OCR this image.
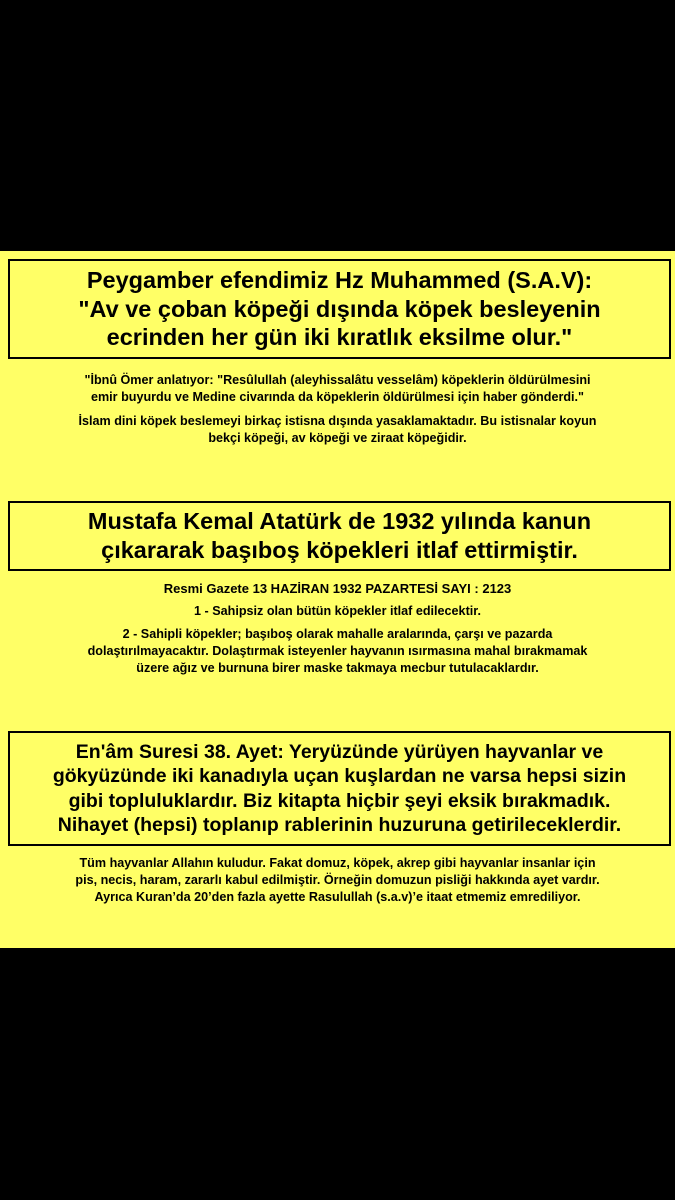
Peygamber efendimiz Hz Muhammed (S.A.V):
"Av ve çoban köpeği dışında köpek besleyenin
ecrinden her gün iki kıratlık eksilme olur."
"İbnû Ömer anlatıyor: "Resûlullah (aleyhissalâtu vesselâm) köpeklerin öldürülmesini
emir buyurdu ve Medine civarında da köpeklerin öldürülmesi için haber gönderdi."
İslam dini köpek beslemeyi birkaç istisna dışında yasaklamaktadır. Bu istisnalar koyun
bekçi köpeği, av köpeği ve ziraat köpeğidir.
Mustafa Kemal Atatürk de 1932 yılında kanun
çıkararak başıboş köpekleri itlaf ettirmiştir.
Resmi Gazete 13 HAZİRAN 1932 PAZARTESİ SAYI : 2123
1 - Sahipsiz olan bütün köpekler itlaf edilecektir.
2 - Sahipli köpekler; başıboş olarak mahalle aralarında, çarşı ve pazarda
dolaştırılmayacaktır. Dolaştırmak isteyenler hayvanın ısırmasına mahal bırakmamak
üzere ağız ve burnuna birer maske takmaya mecbur tutulacaklardır.
En'âm Suresi 38. Ayet: Yeryüzünde yürüyen hayvanlar ve
gökyüzünde iki kanadıyla uçan kuşlardan ne varsa hepsi sizin
gibi topluluklardır. Biz kitapta hiçbir şeyi eksik bırakmadık.
Nihayet (hepsi) toplanıp rablerinin huzuruna getirileceklerdir.
Tüm hayvanlar Allahın kuludur. Fakat domuz, köpek, akrep gibi hayvanlar insanlar için
pis, necis, haram, zararlı kabul edilmiştir. Örneğin domuzun pisliği hakkında ayet vardır.
Ayrıca Kuran’da 20’den fazla ayette Rasulullah (s.a.v)’e itaat etmemiz emrediliyor.
